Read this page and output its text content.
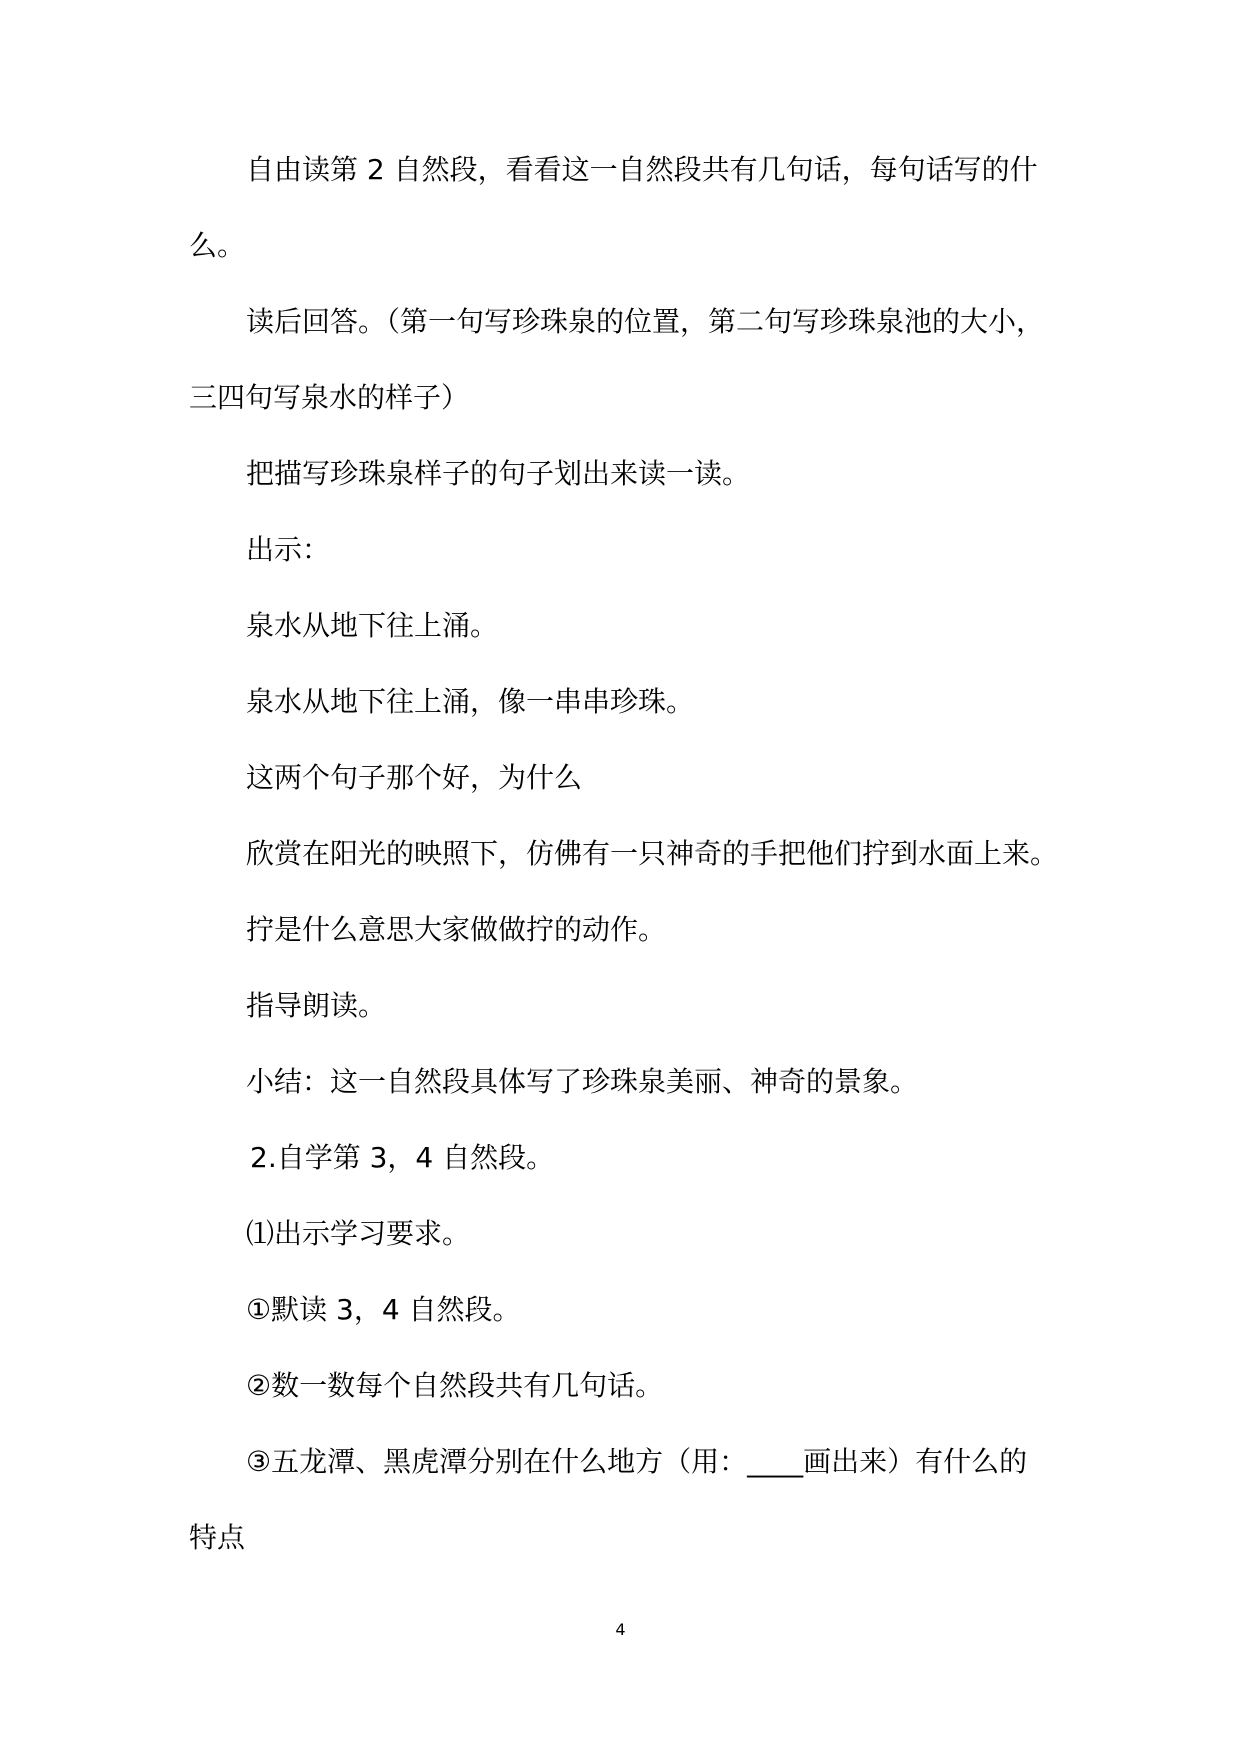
自由读第 2 自然段，看看这一自然段共有几句话，每句话写的什
么。
读后回答。（第一句写珍珠泉的位置，第二句写珍珠泉池的大小，
三四句写泉水的样子）
把描写珍珠泉样子的句子划出来读一读。
出示：
泉水从地下往上涌。
泉水从地下往上涌，像一串串珍珠。
这两个句子那个好，为什么
欣赏在阳光的映照下，仿佛有一只神奇的手把他们拧到水面上来。
拧是什么意思大家做做拧的动作。
指导朗读。
小结：这一自然段具体写了珍珠泉美丽、神奇的景象。
2.自学第 3，4 自然段。
⑴出示学习要求。
①默读 3，4 自然段。
②数一数每个自然段共有几句话。
③五龙潭、黑虎潭分别在什么地方（用：____画出来）有什么的
特点
4
